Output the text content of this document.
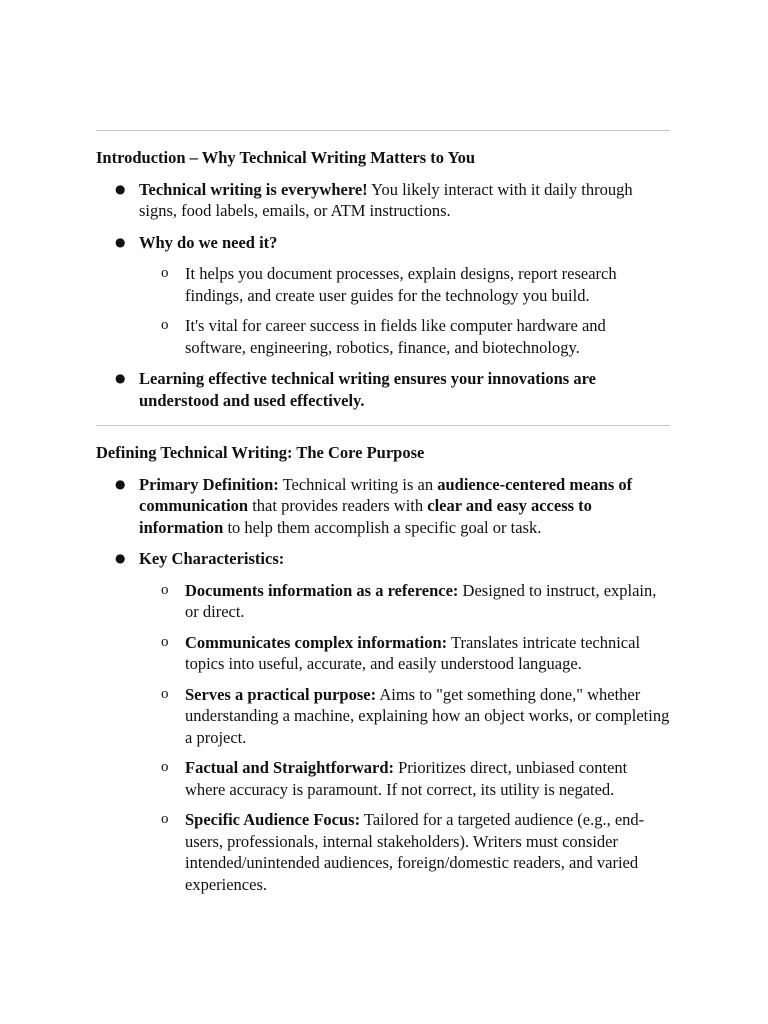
Introduction – Why Technical Writing Matters to You

● Technical writing is everywhere! You likely interact with it daily through signs, food labels, emails, or ATM instructions.
● Why do we need it?
o It helps you document processes, explain designs, report research findings, and create user guides for the technology you build.
o It's vital for career success in fields like computer hardware and software, engineering, robotics, finance, and biotechnology.
● Learning effective technical writing ensures your innovations are understood and used effectively.

Defining Technical Writing: The Core Purpose

● Primary Definition: Technical writing is an audience-centered means of communication that provides readers with clear and easy access to information to help them accomplish a specific goal or task.
● Key Characteristics:
o Documents information as a reference: Designed to instruct, explain, or direct.
o Communicates complex information: Translates intricate technical topics into useful, accurate, and easily understood language.
o Serves a practical purpose: Aims to "get something done," whether understanding a machine, explaining how an object works, or completing a project.
o Factual and Straightforward: Prioritizes direct, unbiased content where accuracy is paramount. If not correct, its utility is negated.
o Specific Audience Focus: Tailored for a targeted audience (e.g., end-users, professionals, internal stakeholders). Writers must consider intended/unintended audiences, foreign/domestic readers, and varied experiences.
